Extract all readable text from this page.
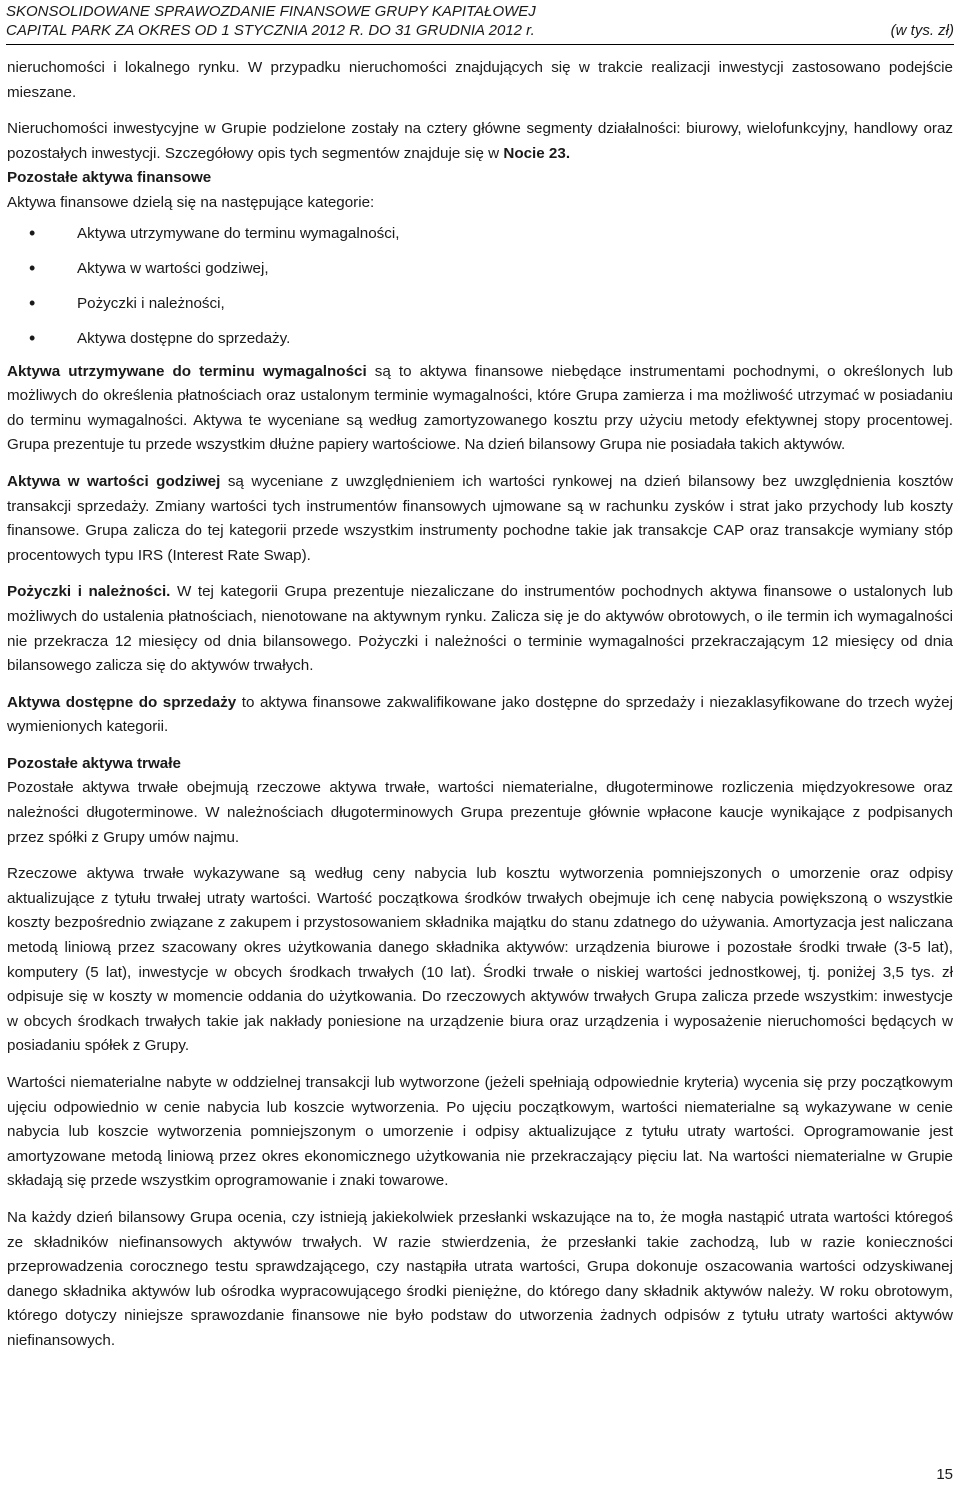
SKONSOLIDOWANE SPRAWOZDANIE FINANSOWE GRUPY KAPITAŁOWEJ
CAPITAL PARK ZA OKRES OD 1 STYCZNIA 2012 R. DO 31 GRUDNIA 2012 r.	(w tys. zł)

nieruchomości i lokalnego rynku. W przypadku nieruchomości znajdujących się w trakcie realizacji inwestycji zastosowano podejście mieszane.

Nieruchomości inwestycyjne w Grupie podzielone zostały na cztery główne segmenty działalności: biurowy, wielofunkcyjny, handlowy oraz pozostałych inwestycji. Szczegółowy opis tych segmentów znajduje się w Nocie 23.

Pozostałe aktywa finansowe
Aktywa finansowe dzielą się na następujące kategorie:
• Aktywa utrzymywane do terminu wymagalności,
• Aktywa w wartości godziwej,
• Pożyczki i należności,
• Aktywa dostępne do sprzedaży.

Aktywa utrzymywane do terminu wymagalności są to aktywa finansowe niebędące instrumentami pochodnymi, o określonych lub możliwych do określenia płatnościach oraz ustalonym terminie wymagalności, które Grupa zamierza i ma możliwość utrzymać w posiadaniu do terminu wymagalności. Aktywa te wyceniane są według zamortyzowanego kosztu przy użyciu metody efektywnej stopy procentowej. Grupa prezentuje tu przede wszystkim dłużne papiery wartościowe. Na dzień bilansowy Grupa nie posiadała takich aktywów.

Aktywa w wartości godziwej są wyceniane z uwzględnieniem ich wartości rynkowej na dzień bilansowy bez uwzględnienia kosztów transakcji sprzedaży. Zmiany wartości tych instrumentów finansowych ujmowane są w rachunku zysków i strat jako przychody lub koszty finansowe. Grupa zalicza do tej kategorii przede wszystkim instrumenty pochodne takie jak transakcje CAP oraz transakcje wymiany stóp procentowych typu IRS (Interest Rate Swap).

Pożyczki i należności. W tej kategorii Grupa prezentuje niezaliczane do instrumentów pochodnych aktywa finansowe o ustalonych lub możliwych do ustalenia płatnościach, nienotowane na aktywnym rynku. Zalicza się je do aktywów obrotowych, o ile termin ich wymagalności nie przekracza 12 miesięcy od dnia bilansowego. Pożyczki i należności o terminie wymagalności przekraczającym 12 miesięcy od dnia bilansowego zalicza się do aktywów trwałych.

Aktywa dostępne do sprzedaży to aktywa finansowe zakwalifikowane jako dostępne do sprzedaży i niezaklasyfikowane do trzech wyżej wymienionych kategorii.

Pozostałe aktywa trwałe

Pozostałe aktywa trwałe obejmują rzeczowe aktywa trwałe, wartości niematerialne, długoterminowe rozliczenia międzyokresowe oraz należności długoterminowe. W należnościach długoterminowych Grupa prezentuje głównie wpłacone kaucje wynikające z podpisanych przez spółki z Grupy umów najmu.

Rzeczowe aktywa trwałe wykazywane są według ceny nabycia lub kosztu wytworzenia pomniejszonych o umorzenie oraz odpisy aktualizujące z tytułu trwałej utraty wartości. Wartość początkowa środków trwałych obejmuje ich cenę nabycia powiększoną o wszystkie koszty bezpośrednio związane z zakupem i przystosowaniem składnika majątku do stanu zdatnego do używania. Amortyzacja jest naliczana metodą liniową przez szacowany okres użytkowania danego składnika aktywów: urządzenia biurowe i pozostałe środki trwałe (3-5 lat), komputery (5 lat), inwestycje w obcych środkach trwałych (10 lat). Środki trwałe o niskiej wartości jednostkowej, tj. poniżej 3,5 tys. zł odpisuje się w koszty w momencie oddania do użytkowania. Do rzeczowych aktywów trwałych Grupa zalicza przede wszystkim: inwestycje w obcych środkach trwałych takie jak nakłady poniesione na urządzenie biura oraz urządzenia i wyposażenie nieruchomości będących w posiadaniu spółek z Grupy.

Wartości niematerialne nabyte w oddzielnej transakcji lub wytworzone (jeżeli spełniają odpowiednie kryteria) wycenia się przy początkowym ujęciu odpowiednio w cenie nabycia lub koszcie wytworzenia. Po ujęciu początkowym, wartości niematerialne są wykazywane w cenie nabycia lub koszcie wytworzenia pomniejszonym o umorzenie i odpisy aktualizujące z tytułu utraty wartości. Oprogramowanie jest amortyzowane metodą liniową przez okres ekonomicznego użytkowania nie przekraczający pięciu lat. Na wartości niematerialne w Grupie składają się przede wszystkim oprogramowanie i znaki towarowe.

Na każdy dzień bilansowy Grupa ocenia, czy istnieją jakiekolwiek przesłanki wskazujące na to, że mogła nastąpić utrata wartości któregoś ze składników niefinansowych aktywów trwałych. W razie stwierdzenia, że przesłanki takie zachodzą, lub w razie konieczności przeprowadzenia corocznego testu sprawdzającego, czy nastąpiła utrata wartości, Grupa dokonuje oszacowania wartości odzyskiwanej danego składnika aktywów lub ośrodka wypracowującego środki pieniężne, do którego dany składnik aktywów należy. W roku obrotowym, którego dotyczy niniejsze sprawozdanie finansowe nie było podstaw do utworzenia żadnych odpisów z tytułu utraty wartości aktywów niefinansowych.

15
